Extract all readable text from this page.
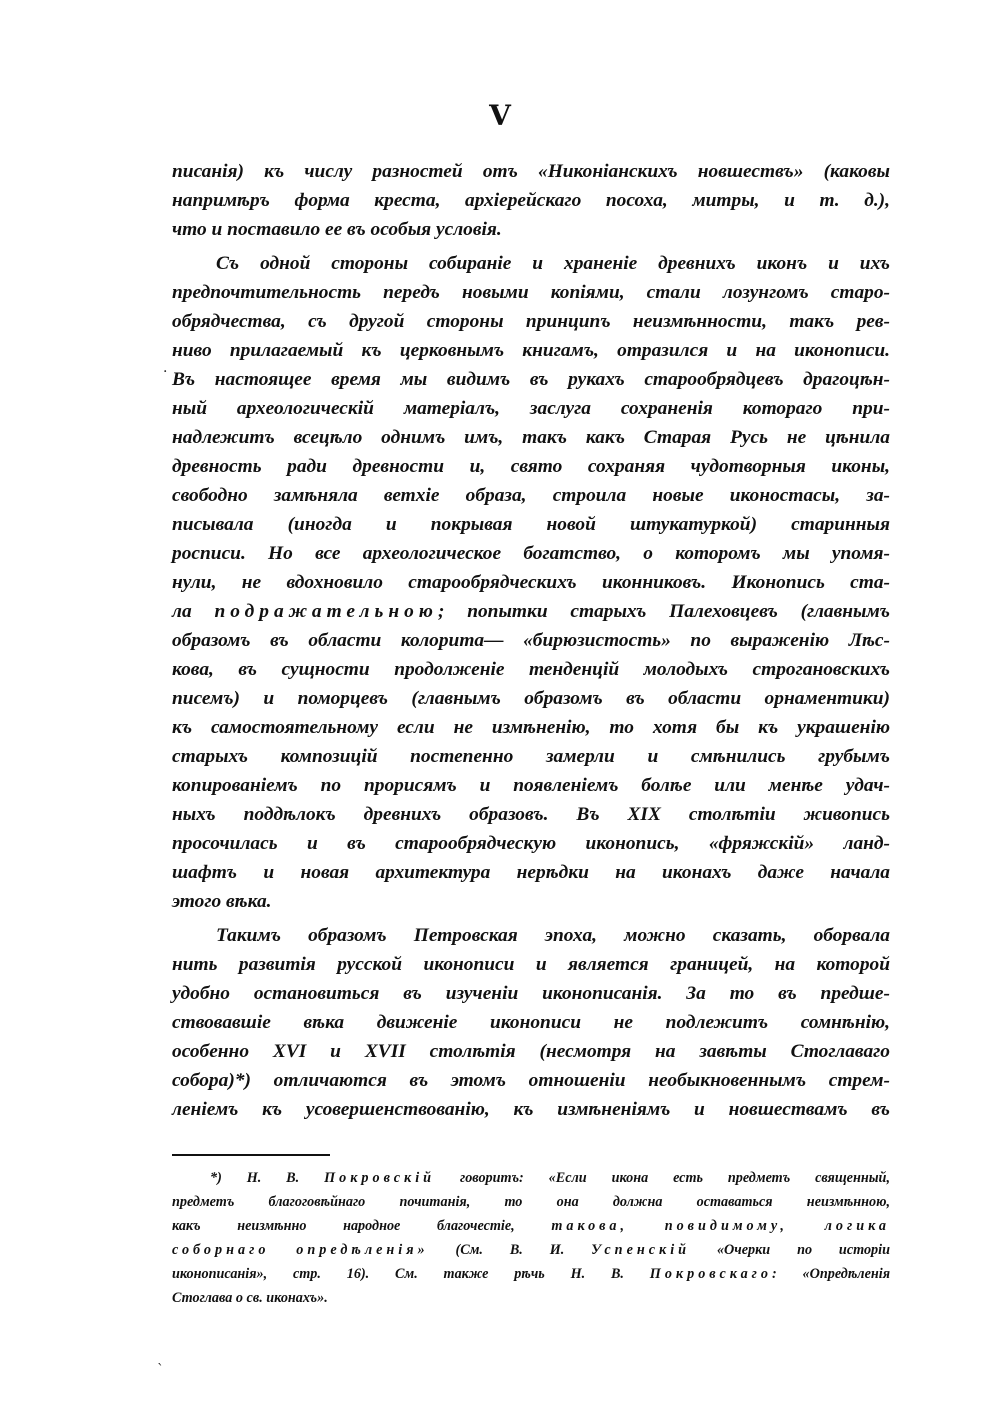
V
писанія) къ числу разностей отъ «Никоніанскихъ новшествъ» (каковы
напримѣръ форма креста, архіерейскаго посоха, митры, и т. д.),
что и поставило ее въ особыя условія.
Съ одной стороны собираніе и храненіе древнихъ иконъ и ихъ
предпочтительность передъ новыми копіями, стали лозунгомъ старо-
обрядчества, съ другой стороны принципъ неизмѣнности, такъ рев-
ниво прилагаемый къ церковнымъ книгамъ, отразился и на иконописи.
Въ настоящее время мы видимъ въ рукахъ старообрядцевъ драгоцѣн-
ный археологическій матеріалъ, заслуга сохраненія котораго при-
надлежитъ всецѣло однимъ имъ, такъ какъ Старая Русь не цѣнила
древность ради древности и, свято сохраняя чудотворныя иконы,
свободно замѣняла ветхіе образа, строила новые иконостасы, за-
писывала (иногда и покрывая новой штукатуркой) старинныя
росписи. Но все археологическое богатство, о которомъ мы упомя-
нули, не вдохновило старообрядческихъ иконниковъ. Иконопись ста-
ла подражательною; попытки старыхъ Палеховцевъ (главнымъ
образомъ въ области колорита— «бирюзистость» по выраженію Лѣс-
кова, въ сущности продолженіе тенденцій молодыхъ строгановскихъ
писемъ) и поморцевъ (главнымъ образомъ въ области орнаментики)
къ самостоятельному если не измѣненію, то хотя бы къ украшенію
старыхъ композицій постепенно замерли и смѣнились грубымъ
копированіемъ по прорисямъ и появленіемъ болѣе или менѣе удач-
ныхъ поддѣлокъ древнихъ образовъ. Въ XIX столѣтіи живопись
просочилась и въ старообрядческую иконопись, «фряжскій» ланд-
шафтъ и новая архитектура нерѣдки на иконахъ даже начала
этого вѣка.
Такимъ образомъ Петровская эпоха, можно сказать, оборвала
нить развитія русской иконописи и является границей, на которой
удобно остановиться въ изученіи иконописанія. За то въ предше-
ствовавшіе вѣка движеніе иконописи не подлежитъ сомнѣнію,
особенно XVI и XVII столѣтія (несмотря на завѣты Стоглаваго
собора)*) отличаются въ этомъ отношеніи необыкновеннымъ стрем-
леніемъ къ усовершенствованію, къ измѣненіямъ и новшествамъ въ
*) Н. В. Покровскій говоритъ: «Если икона есть предметъ священный,
предметъ благоговѣйнаго почитанія, то она должна оставаться неизмѣнною,
какъ неизмѣнно народное благочестіе, такова,	повидимому,	логика
соборнаго опредѣленія» (См. В. И. Успенскій «Очерки по исторіи
иконописанія», стр. 16). См. также рѣчь Н. В. Покровскаго: «Опредѣленія
Стоглава о св. иконахъ».
·
ˋ
